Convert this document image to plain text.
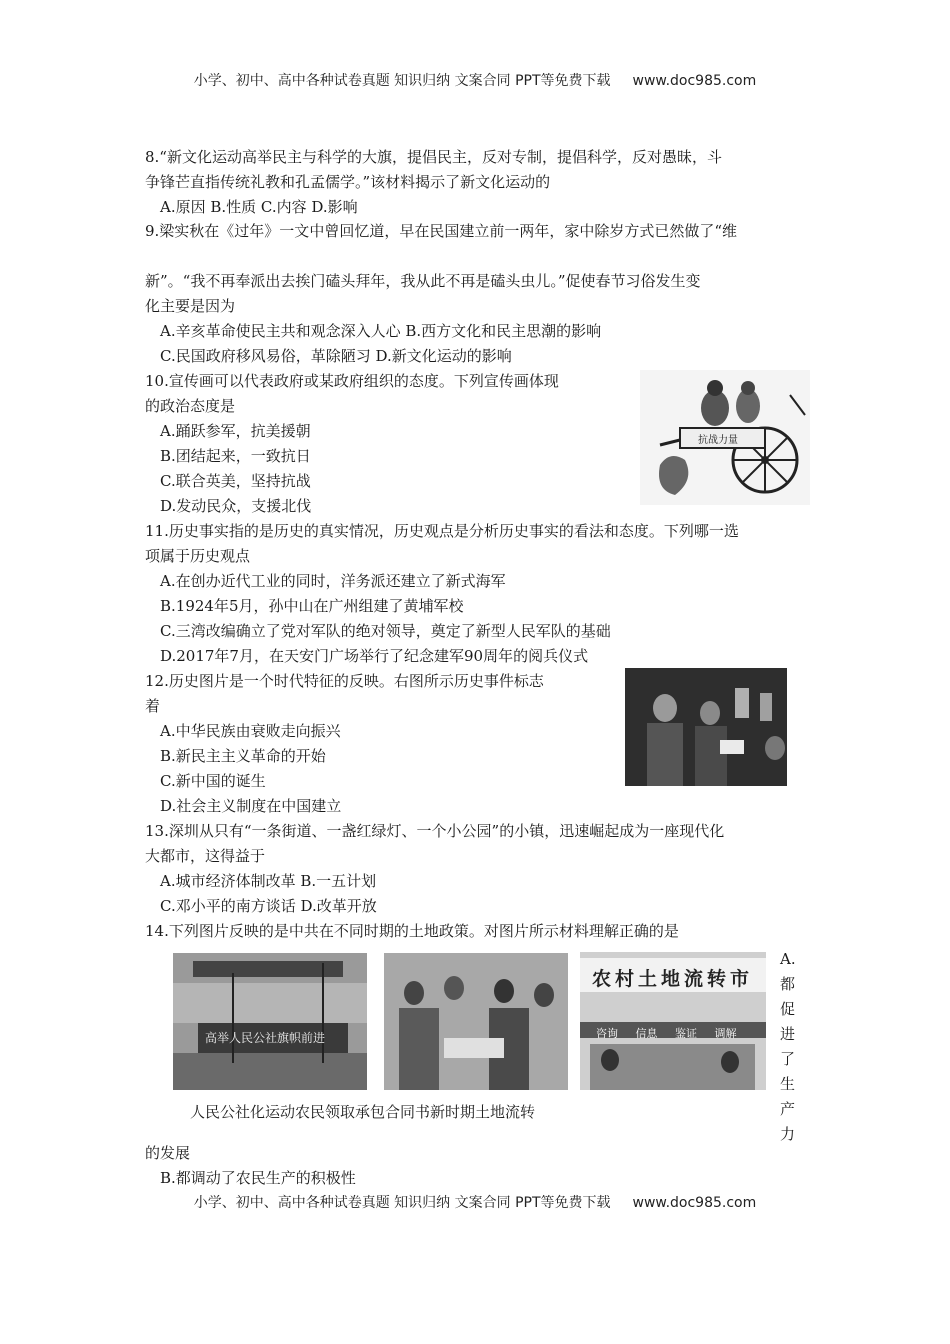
小学、初中、高中各种试卷真题 知识归纳 文案合同 PPT等免费下载 www.doc985.com
8.“新文化运动高举民主与科学的大旗，提倡民主，反对专制，提倡科学，反对愚昧，斗
争锋芒直指传统礼教和孔孟儒学。”该材料揭示了新文化运动的
A.原因 B.性质 C.内容 D.影响
9.梁实秋在《过年》一文中曾回忆道，早在民国建立前一两年，家中除岁方式已然做了“维
新”。“我不再奉派出去挨门磕头拜年，我从此不再是磕头虫儿。”促使春节习俗发生变
化主要是因为
A.辛亥革命使民主共和观念深入人心 B.西方文化和民主思潮的影响
C.民国政府移风易俗，革除陋习 D.新文化运动的影响
10.宣传画可以代表政府或某政府组织的态度。下列宣传画体现
的政治态度是
A.踊跃参军，抗美援朝
B.团结起来，一致抗日
C.联合英美，坚持抗战
D.发动民众，支援北伐
抗战力量
11.历史事实指的是历史的真实情况，历史观点是分析历史事实的看法和态度。下列哪一选
项属于历史观点
A.在创办近代工业的同时，洋务派还建立了新式海军
B.1924年5月，孙中山在广州组建了黄埔军校
C.三湾改编确立了党对军队的绝对领导，奠定了新型人民军队的基础
D.2017年7月，在天安门广场举行了纪念建军90周年的阅兵仪式
12.历史图片是一个时代特征的反映。右图所示历史事件标志
着
A.中华民族由衰败走向振兴
B.新民主主义革命的开始
C.新中国的诞生
D.社会主义制度在中国建立
13.深圳从只有“一条街道、一盏红绿灯、一个小公园”的小镇，迅速崛起成为一座现代化
大都市，这得益于
A.城市经济体制改革 B.一五计划
C.邓小平的南方谈话 D.改革开放
14.下列图片反映的是中共在不同时期的土地政策。对图片所示材料理解正确的是
高举人民公社旗帜前进
农村土地流转市
咨询 信息 鉴证 调解
A.
都
促
进
了
生
产
力
人民公社化运动农民领取承包合同书新时期土地流转
的发展
B.都调动了农民生产的积极性
小学、初中、高中各种试卷真题 知识归纳 文案合同 PPT等免费下载 www.doc985.com
